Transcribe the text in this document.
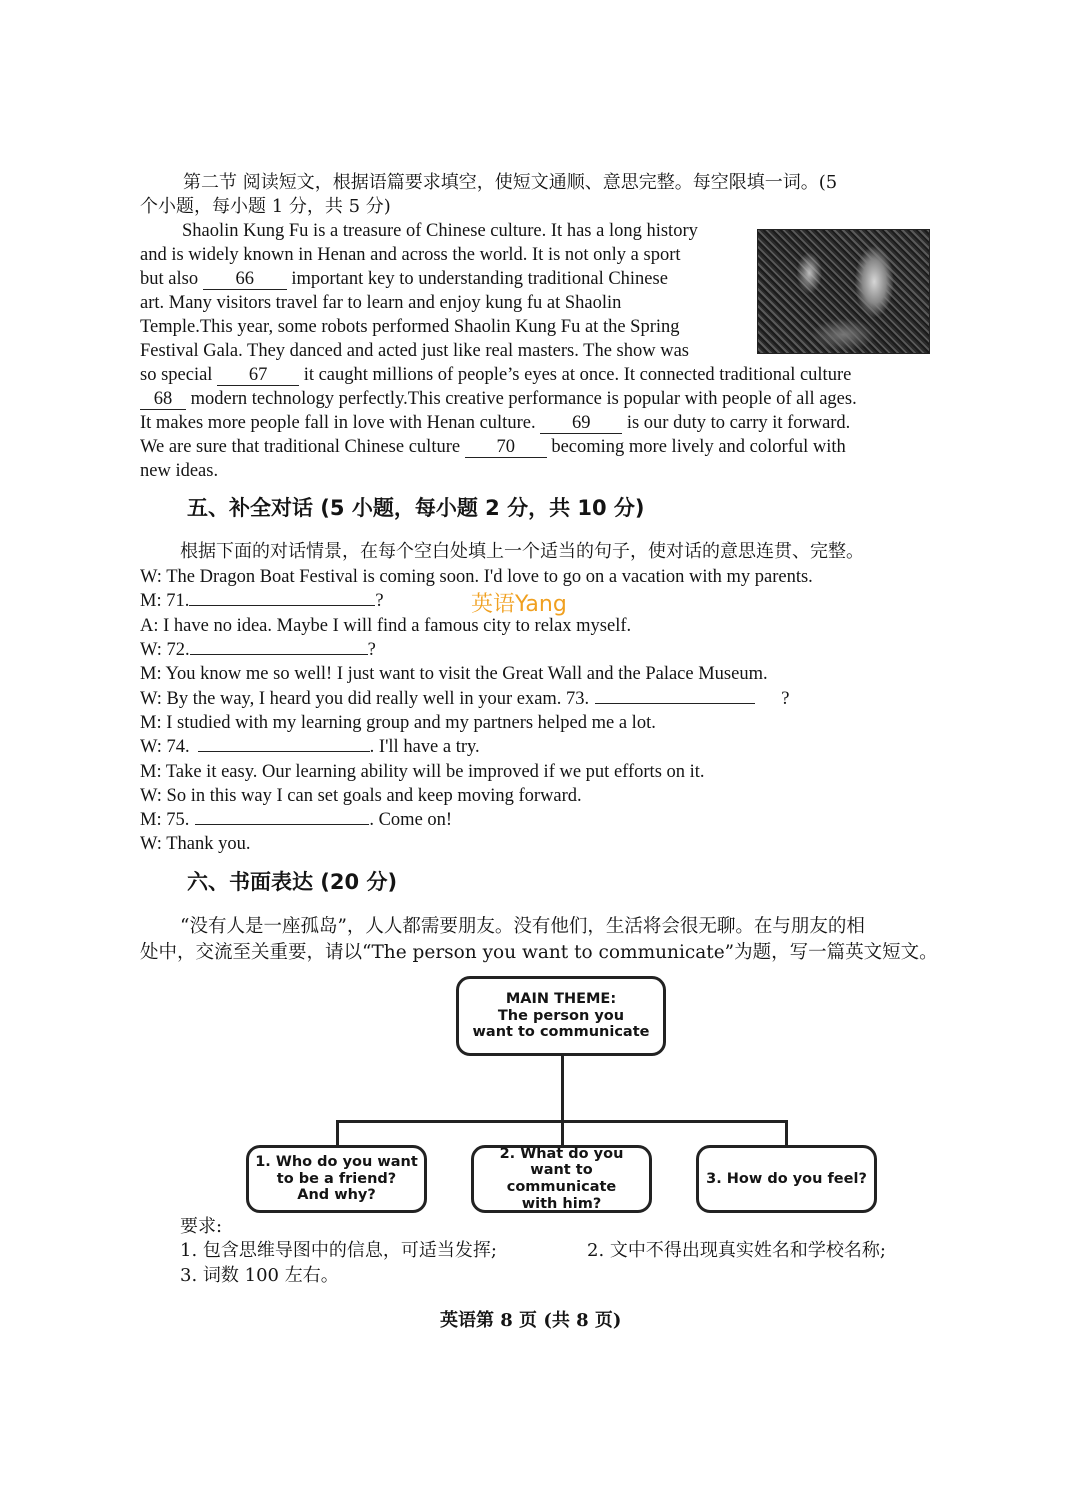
第二节 阅读短文，根据语篇要求填空，使短文通顺、意思完整。每空限填一词。(5
个小题，每小题 1 分，共 5 分)
Shaolin Kung Fu is a treasure of Chinese culture. It has a long history
and is widely known in Henan and across the world. It is not only a sport
but also 66 important key to understanding traditional Chinese
art. Many visitors travel far to learn and enjoy kung fu at Shaolin
Temple.This year, some robots performed Shaolin Kung Fu at the Spring
Festival Gala. They danced and acted just like real masters. The show was
so special 67 it caught millions of people’s eyes at once. It connected traditional culture
68 modern technology perfectly.This creative performance is popular with people of all ages.
It makes more people fall in love with Henan culture. 69 is our duty to carry it forward.
We are sure that traditional Chinese culture 70 becoming more lively and colorful with
new ideas.
五、补全对话 (5 小题，每小题 2 分，共 10 分)
根据下面的对话情景，在每个空白处填上一个适当的句子，使对话的意思连贯、完整。
W: The Dragon Boat Festival is coming soon. I'd love to go on a vacation with my parents.
M: 71.	?	英语Yang
A: I have no idea. Maybe I will find a famous city to relax myself.
W: 72.	?
M: You know me so well! I just want to visit the Great Wall and the Palace Museum.
W: By the way, I heard you did really well in your exam. 73.	?
M: I studied with my learning group and my partners helped me a lot.
W: 74.	. I'll have a try.
M: Take it easy. Our learning ability will be improved if we put efforts on it.
W: So in this way I can set goals and keep moving forward.
M: 75.	. Come on!
W: Thank you.
六、书面表达 (20 分)
“没有人是一座孤岛”，人人都需要朋友。没有他们，生活将会很无聊。在与朋友的相
处中，交流至关重要，请以“The person you want to communicate”为题，写一篇英文短文。
MAIN THEME:
The person you
want to communicate
1. Who do you want
to be a friend?
And why?
2. What do you
want to communicate
with him?
3. How do you feel?
要求:
1. 包含思维导图中的信息，可适当发挥;	2. 文中不得出现真实姓名和学校名称;
3. 词数 100 左右。
英语第 8 页 (共 8 页)
